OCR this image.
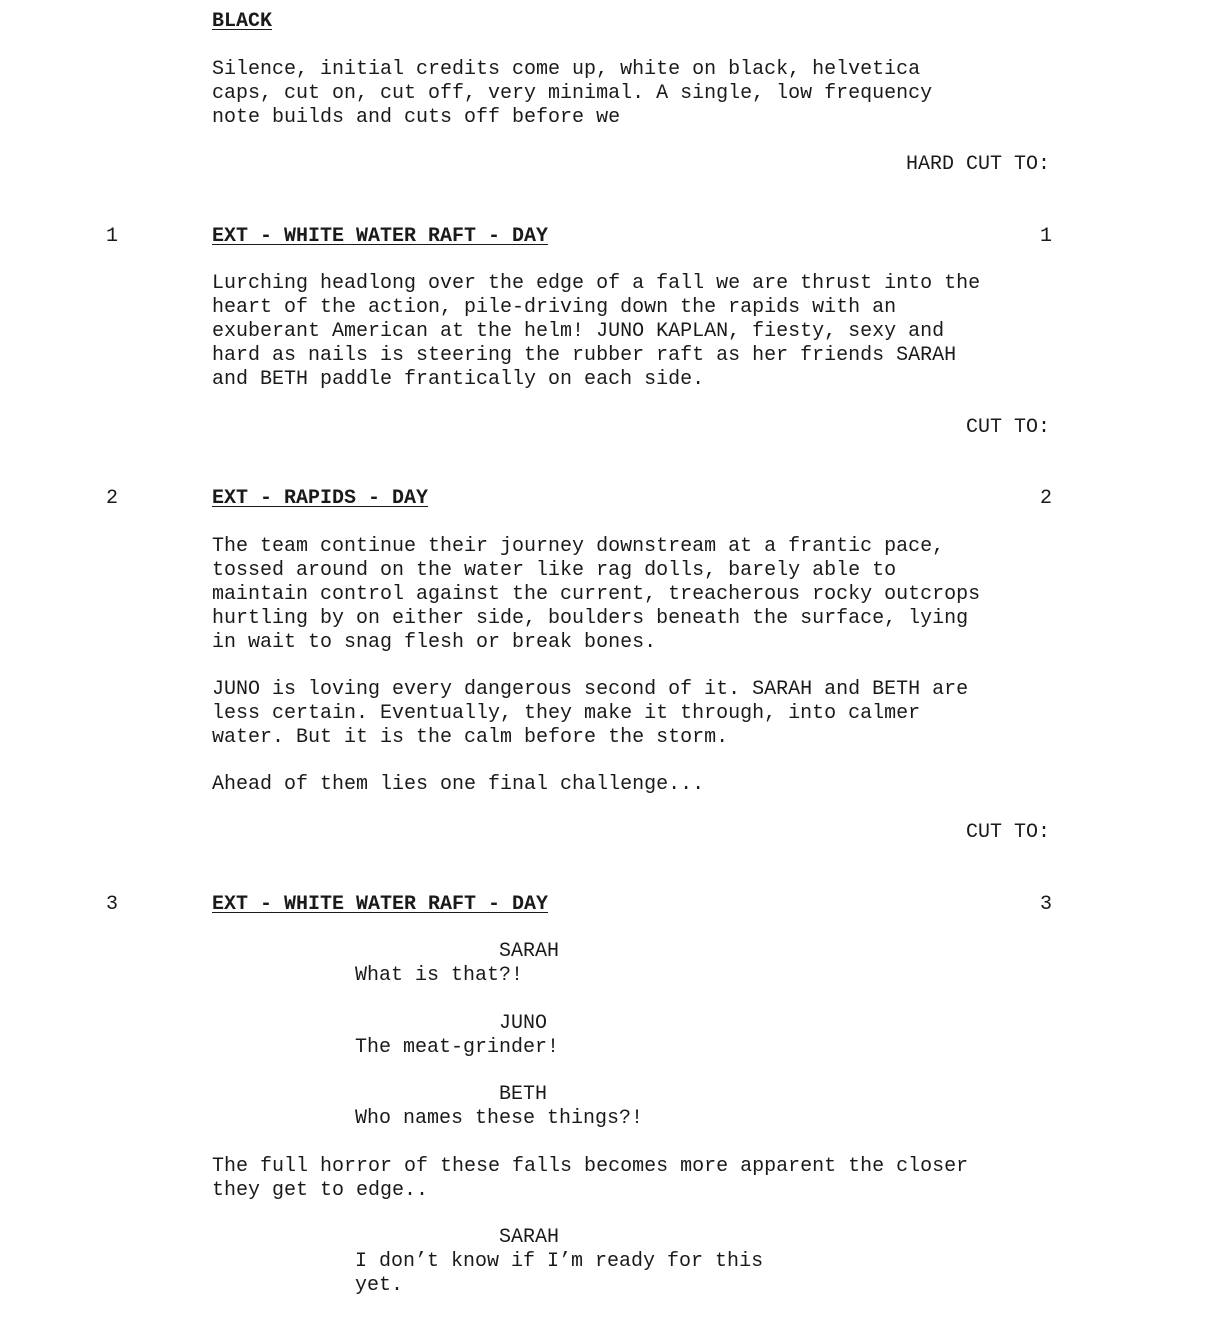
BLACK
Silence, initial credits come up, white on black, helvetica
caps, cut on, cut off, very minimal. A single, low frequency
note builds and cuts off before we
HARD CUT TO:
1	EXT - WHITE WATER RAFT - DAY	1
Lurching headlong over the edge of a fall we are thrust into the
heart of the action, pile-driving down the rapids with an
exuberant American at the helm! JUNO KAPLAN, fiesty, sexy and
hard as nails is steering the rubber raft as her friends SARAH
and BETH paddle frantically on each side.
CUT TO:
2	EXT - RAPIDS - DAY	2
The team continue their journey downstream at a frantic pace,
tossed around on the water like rag dolls, barely able to
maintain control against the current, treacherous rocky outcrops
hurtling by on either side, boulders beneath the surface, lying
in wait to snag flesh or break bones.
JUNO is loving every dangerous second of it. SARAH and BETH are
less certain. Eventually, they make it through, into calmer
water. But it is the calm before the storm.
Ahead of them lies one final challenge...
CUT TO:
3	EXT - WHITE WATER RAFT - DAY	3
SARAH
What is that?!
JUNO
The meat-grinder!
BETH
Who names these things?!
The full horror of these falls becomes more apparent the closer
they get to edge..
SARAH
I don’t know if I’m ready for this
yet.
